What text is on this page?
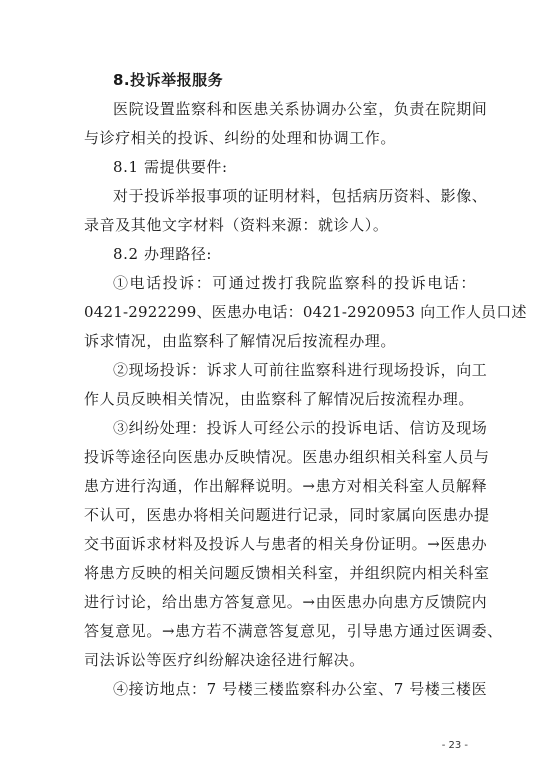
8.投诉举报服务
医院设置监察科和医患关系协调办公室，负责在院期间
与诊疗相关的投诉、纠纷的处理和协调工作。
8.1 需提供要件:
对于投诉举报事项的证明材料，包括病历资料、影像、
录音及其他文字材料（资料来源：就诊人）。
8.2 办理路径:
①电话投诉：可通过拨打我院监察科的投诉电话：
0421-2922299、医患办电话：0421-2920953 向工作人员口述
诉求情况，由监察科了解情况后按流程办理。
②现场投诉：诉求人可前往监察科进行现场投诉，向工
作人员反映相关情况，由监察科了解情况后按流程办理。
③纠纷处理：投诉人可经公示的投诉电话、信访及现场
投诉等途径向医患办反映情况。医患办组织相关科室人员与
患方进行沟通，作出解释说明。→患方对相关科室人员解释
不认可，医患办将相关问题进行记录，同时家属向医患办提
交书面诉求材料及投诉人与患者的相关身份证明。→医患办
将患方反映的相关问题反馈相关科室，并组织院内相关科室
进行讨论，给出患方答复意见。→由医患办向患方反馈院内
答复意见。→患方若不满意答复意见，引导患方通过医调委、
司法诉讼等医疗纠纷解决途径进行解决。
④接访地点：7 号楼三楼监察科办公室、7 号楼三楼医
- 23 -
